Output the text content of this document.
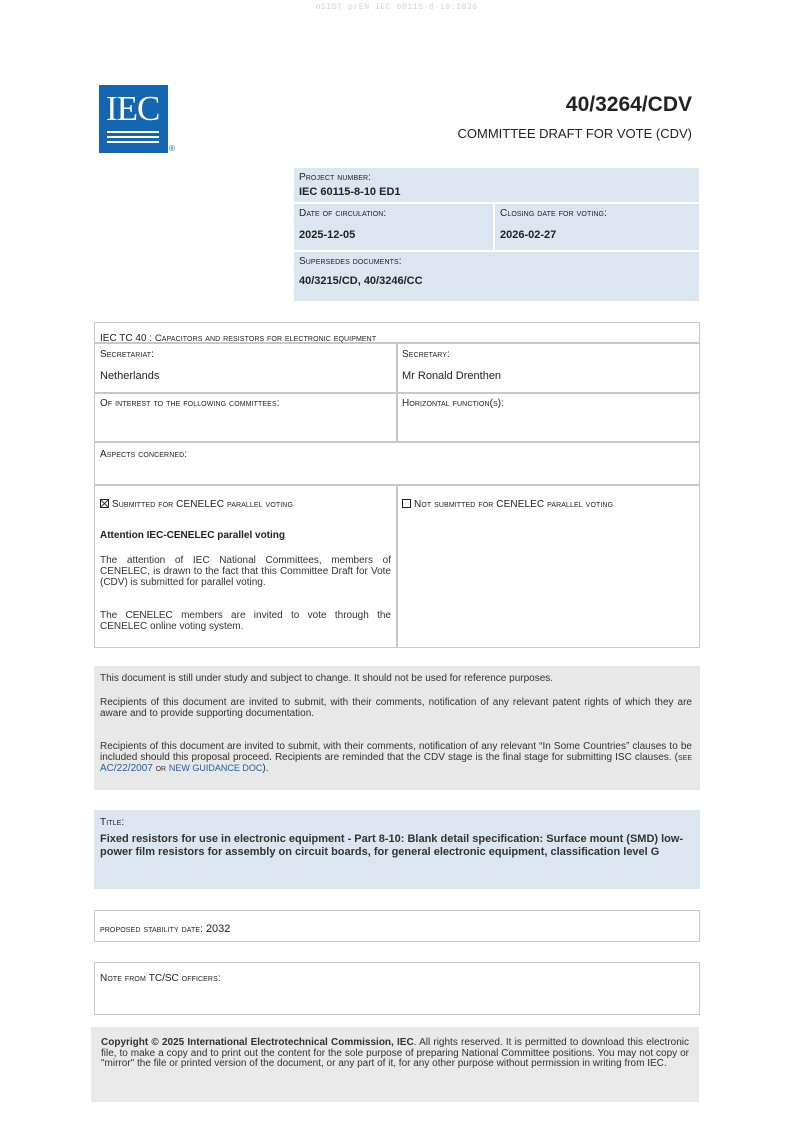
oSIST prEN IEC 60115-8-10:2026
IEC
®
40/3264/CDV
COMMITTEE DRAFT FOR VOTE (CDV)
Project number:
IEC 60115-8-10 ED1
Date of circulation:
2025-12-05
Closing date for voting:
2026-02-27
Supersedes documents:
40/3215/CD, 40/3246/CC
IEC TC 40 : Capacitors and resistors for electronic equipment
Secretariat:
Netherlands
Secretary:
Mr Ronald Drenthen
Of interest to the following committees:	Horizontal function(s):
Aspects concerned:
Submitted for CENELEC parallel voting	Not submitted for CENELEC parallel voting
Attention IEC-CENELEC parallel voting
The attention of IEC National Committees, members of CENELEC, is drawn to the fact that this Committee Draft for Vote (CDV) is submitted for parallel voting.
The CENELEC members are invited to vote through the CENELEC online voting system.
This document is still under study and subject to change. It should not be used for reference purposes.
Recipients of this document are invited to submit, with their comments, notification of any relevant patent rights of which they are aware and to provide supporting documentation.
Recipients of this document are invited to submit, with their comments, notification of any relevant “In Some Countries” clauses to be included should this proposal proceed. Recipients are reminded that the CDV stage is the final stage for submitting ISC clauses. (see AC/22/2007 or NEW GUIDANCE DOC).
Title:
Fixed resistors for use in electronic equipment - Part 8-10: Blank detail specification: Surface mount (SMD) low-power film resistors for assembly on circuit boards, for general electronic equipment, classification level G
proposed stability date: 2032
Note from TC/SC officers:
Copyright © 2025 International Electrotechnical Commission, IEC. All rights reserved. It is permitted to download this electronic file, to make a copy and to print out the content for the sole purpose of preparing National Committee positions. You may not copy or "mirror" the file or printed version of the document, or any part of it, for any other purpose without permission in writing from IEC.
